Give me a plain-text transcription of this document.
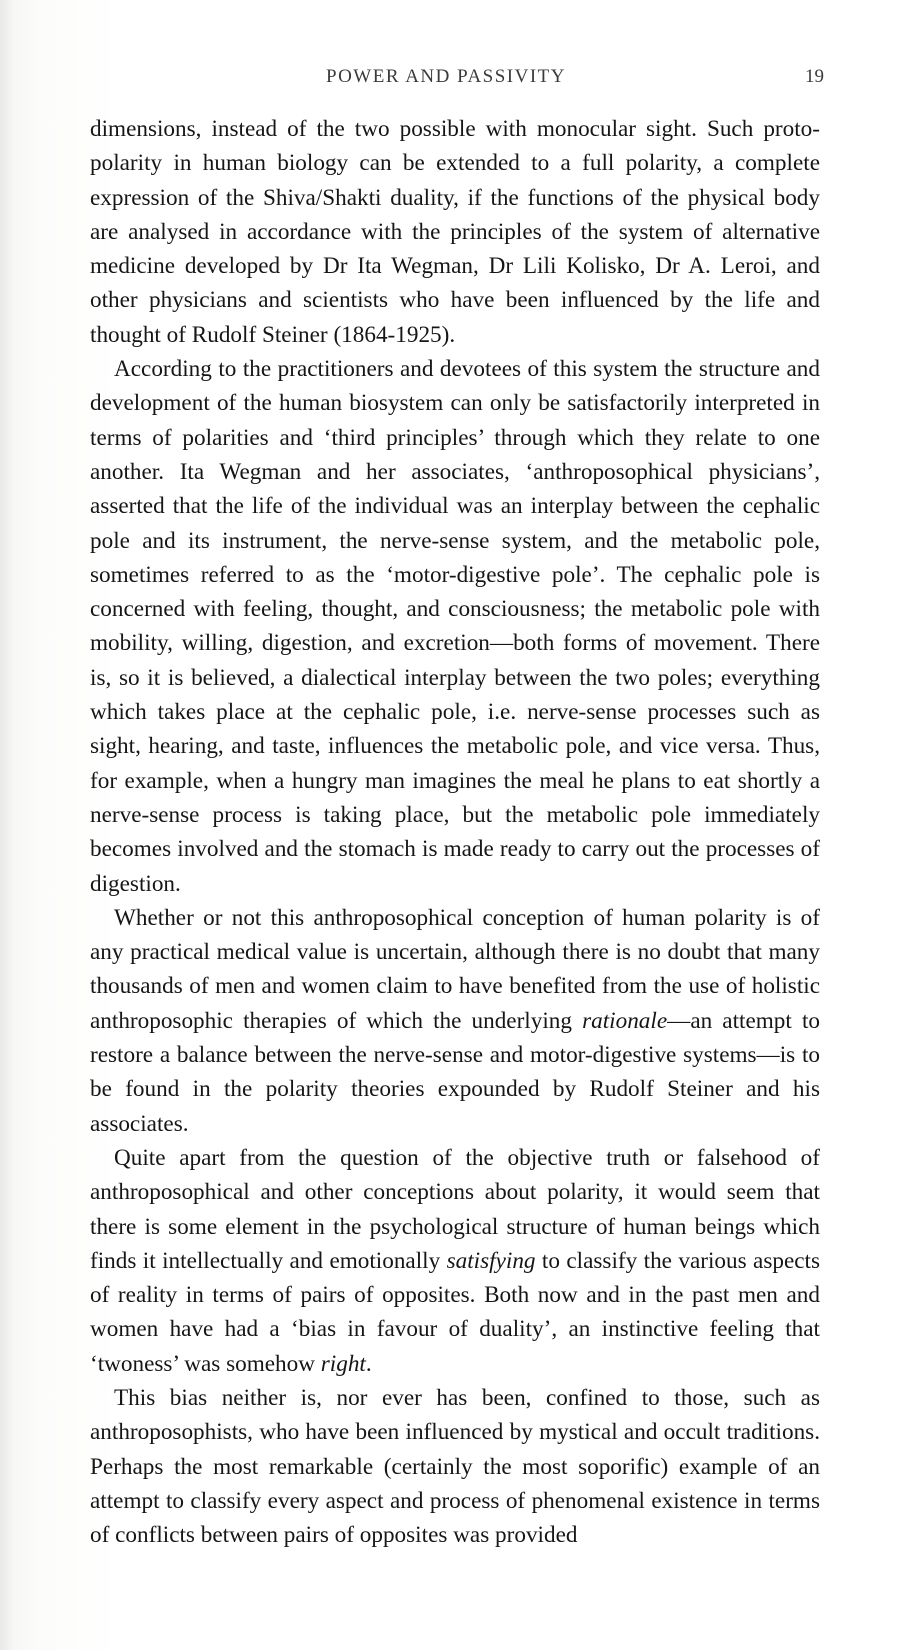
POWER AND PASSIVITY	19

dimensions, instead of the two possible with monocular sight. Such proto-polarity in human biology can be extended to a full polarity, a complete expression of the Shiva/Shakti duality, if the functions of the physical body are analysed in accordance with the principles of the system of alternative medicine developed by Dr Ita Wegman, Dr Lili Kolisko, Dr A. Leroi, and other physicians and scientists who have been influenced by the life and thought of Rudolf Steiner (1864-1925).

According to the practitioners and devotees of this system the structure and development of the human biosystem can only be satisfactorily interpreted in terms of polarities and ‘third principles’ through which they relate to one another. Ita Wegman and her associates, ‘anthroposophical physicians’, asserted that the life of the individual was an interplay between the cephalic pole and its instrument, the nerve-sense system, and the metabolic pole, sometimes referred to as the ‘motor-digestive pole’. The cephalic pole is concerned with feeling, thought, and consciousness; the metabolic pole with mobility, willing, digestion, and excretion—both forms of movement. There is, so it is believed, a dialectical interplay between the two poles; everything which takes place at the cephalic pole, i.e. nerve-sense processes such as sight, hearing, and taste, influences the metabolic pole, and vice versa. Thus, for example, when a hungry man imagines the meal he plans to eat shortly a nerve-sense process is taking place, but the metabolic pole immediately becomes involved and the stomach is made ready to carry out the processes of digestion.

Whether or not this anthroposophical conception of human polarity is of any practical medical value is uncertain, although there is no doubt that many thousands of men and women claim to have benefited from the use of holistic anthroposophic therapies of which the underlying rationale—an attempt to restore a balance between the nerve-sense and motor-digestive systems—is to be found in the polarity theories expounded by Rudolf Steiner and his associates.

Quite apart from the question of the objective truth or falsehood of anthroposophical and other conceptions about polarity, it would seem that there is some element in the psychological structure of human beings which finds it intellectually and emotionally satisfying to classify the various aspects of reality in terms of pairs of opposites. Both now and in the past men and women have had a ‘bias in favour of duality’, an instinctive feeling that ‘twoness’ was somehow right.

This bias neither is, nor ever has been, confined to those, such as anthroposophists, who have been influenced by mystical and occult traditions. Perhaps the most remarkable (certainly the most soporific) example of an attempt to classify every aspect and process of phenomenal existence in terms of conflicts between pairs of opposites was provided
